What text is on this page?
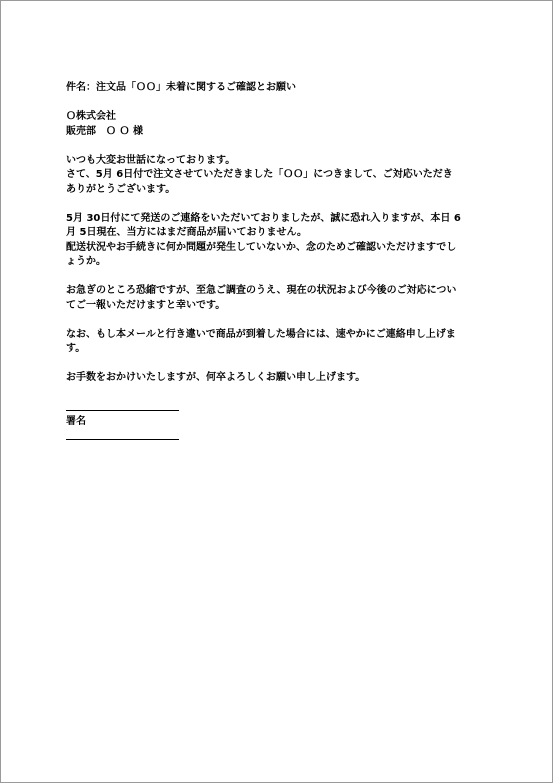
件名：注文品「ＯＯ」未着に関するご確認とお願い
Ｏ株式会社
販売部　Ｏ Ｏ 様
いつも大変お世話になっております。
さて、5月 6日付で注文させていただきました「ＯＯ」につきまして、ご対応いただき
ありがとうございます。
5月 30日付にて発送のご連絡をいただいておりましたが、誠に恐れ入りますが、本日 6
月 5日現在、当方にはまだ商品が届いておりません。
配送状況やお手続きに何か問題が発生していないか、念のためご確認いただけますでし
ょうか。
お急ぎのところ恐縮ですが、至急ご調査のうえ、現在の状況および今後のご対応につい
てご一報いただけますと幸いです。
なお、もし本メールと行き違いで商品が到着した場合には、速やかにご連絡申し上げま
す。
お手数をおかけいたしますが、何卒よろしくお願い申し上げます。
署名
